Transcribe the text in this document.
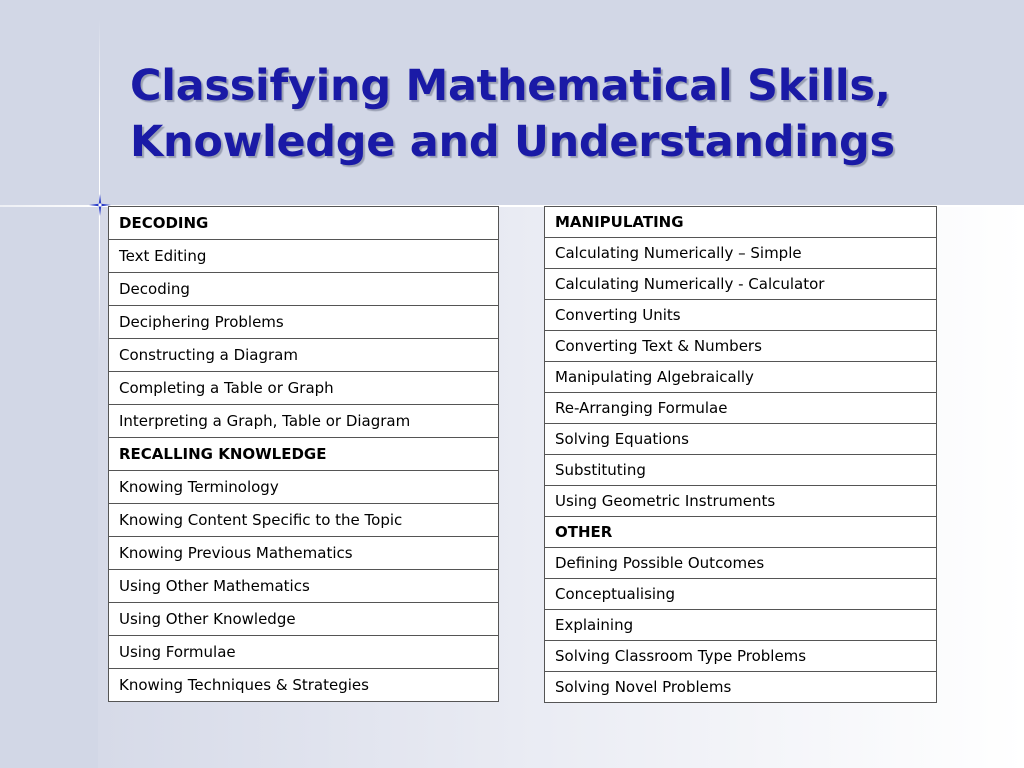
Classifying Mathematical Skills,
Knowledge and Understandings
DECODING
Text Editing
Decoding
Deciphering Problems
Constructing a Diagram
Completing a Table or Graph
Interpreting a Graph, Table or Diagram
RECALLING KNOWLEDGE
Knowing Terminology
Knowing Content Specific to the Topic
Knowing Previous Mathematics
Using Other Mathematics
Using Other Knowledge
Using Formulae
Knowing Techniques & Strategies
MANIPULATING
Calculating Numerically – Simple
Calculating Numerically - Calculator
Converting Units
Converting Text & Numbers
Manipulating Algebraically
Re-Arranging Formulae
Solving Equations
Substituting
Using Geometric Instruments
OTHER
Defining Possible Outcomes
Conceptualising
Explaining
Solving Classroom Type Problems
Solving Novel Problems
